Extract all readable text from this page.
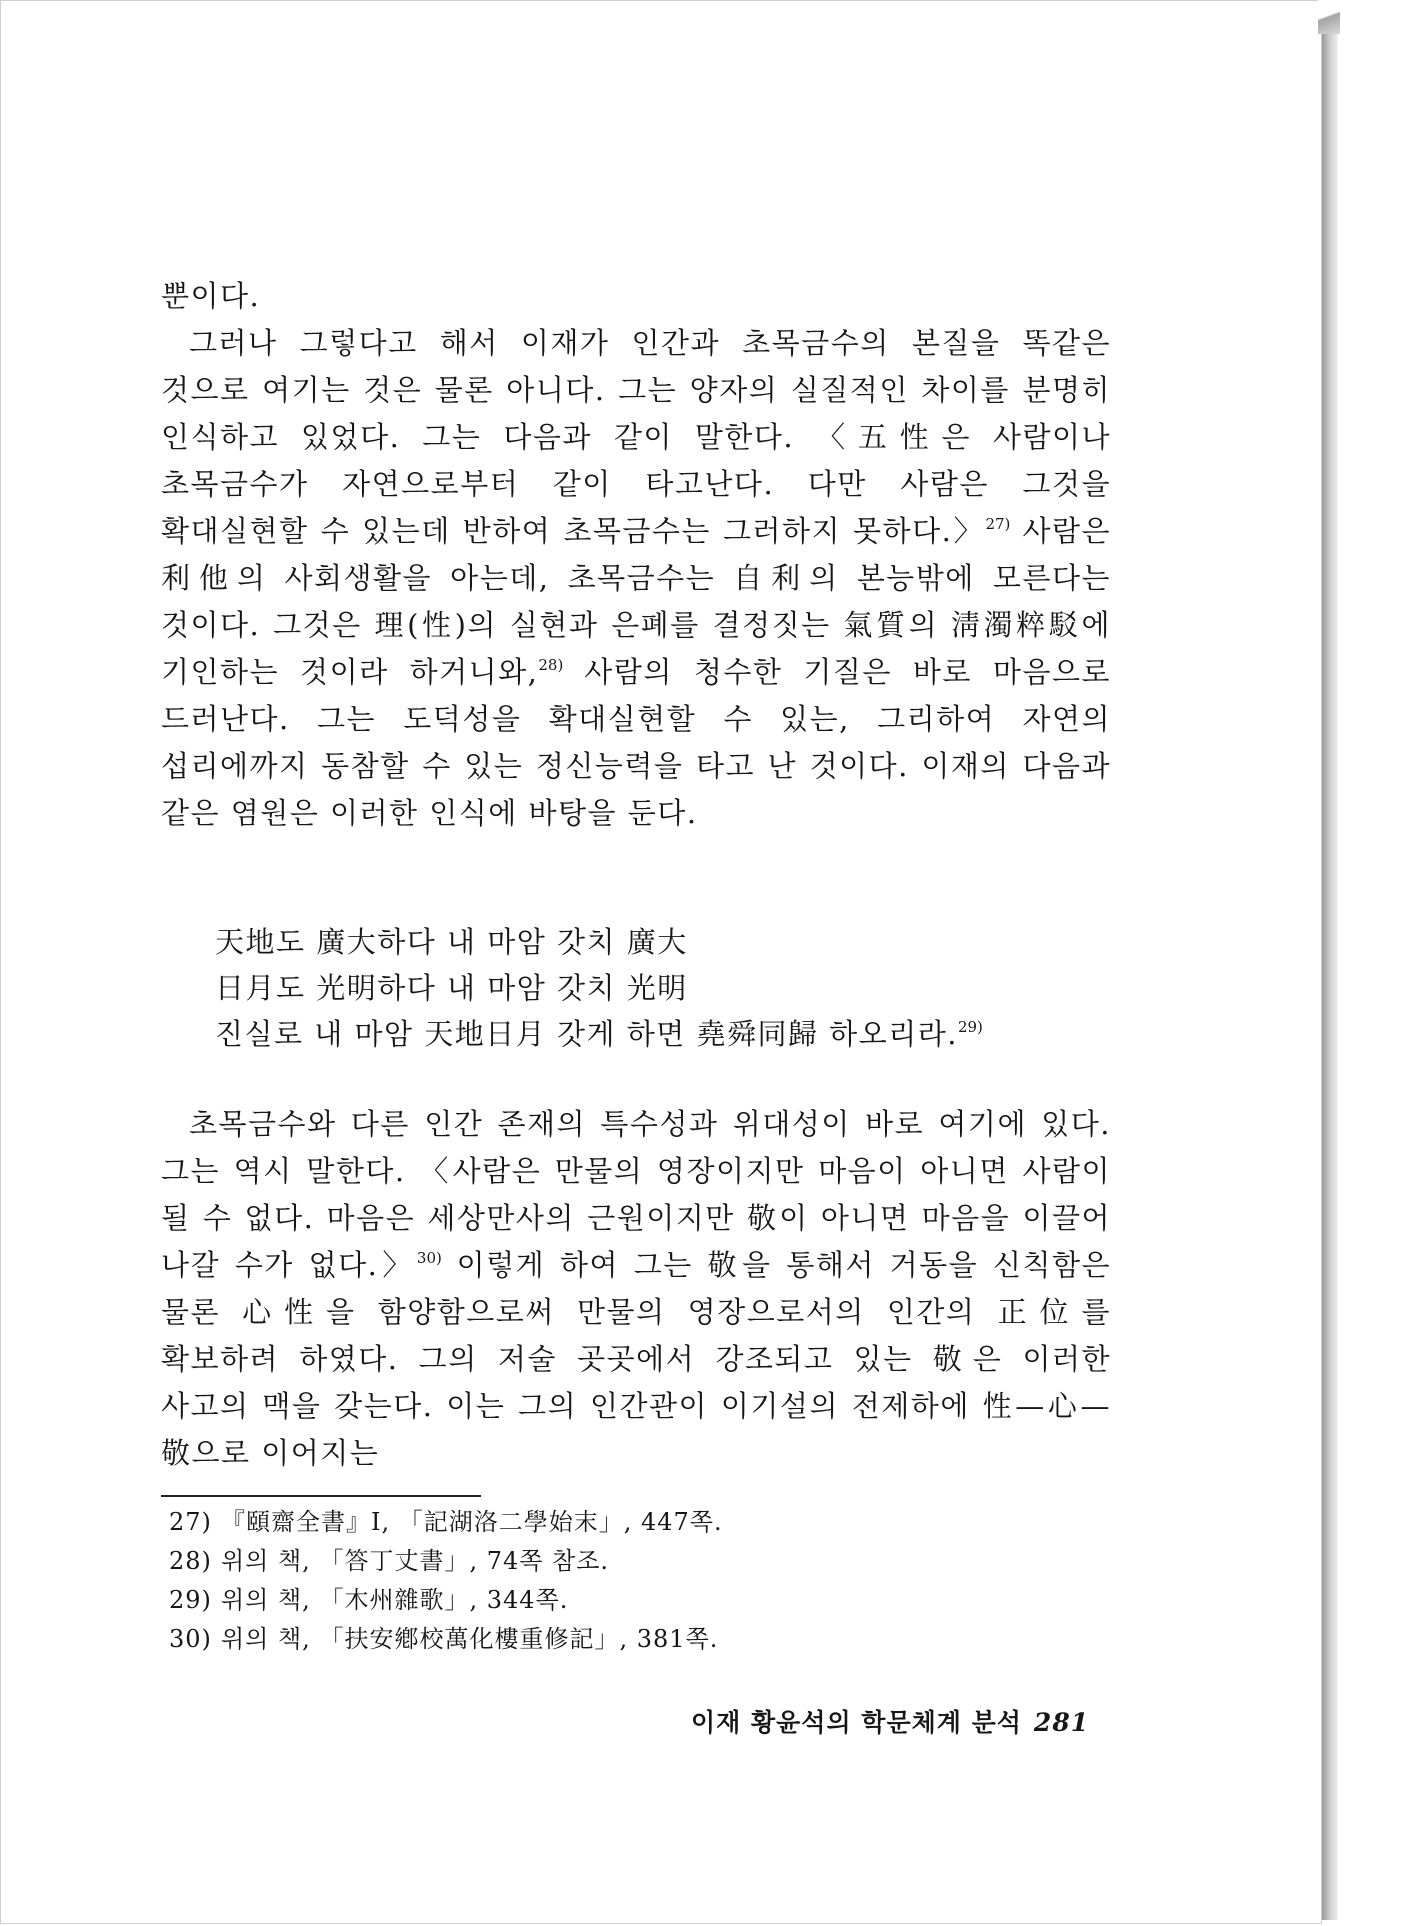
뿐이다.

그러나 그렇다고 해서 이재가 인간과 초목금수의 본질을 똑같은 것으로 여기는 것은 물론 아니다. 그는 양자의 실질적인 차이를 분명히 인식하고 있었다. 그는 다음과 같이 말한다. 〈五性은 사람이나 초목금수가 자연으로부터 같이 타고난다. 다만 사람은 그것을 확대실현할 수 있는데 반하여 초목금수는 그러하지 못하다.〉$^{27)}$ 사람은 利他의 사회생활을 아는데, 초목금수는 自利의 본능밖에 모른다는 것이다. 그것은 理(性)의 실현과 은폐를 결정짓는 氣質의 淸濁粹駁에 기인하는 것이라 하거니와,$^{28)}$ 사람의 청수한 기질은 바로 마음으로 드러난다. 그는 도덕성을 확대실현할 수 있는, 그리하여 자연의 섭리에까지 동참할 수 있는 정신능력을 타고 난 것이다. 이재의 다음과 같은 염원은 이러한 인식에 바탕을 둔다.

天地도 廣大하다 내 마암 갓치 廣大
日月도 光明하다 내 마암 갓치 光明
진실로 내 마암 天地日月 갓게 하면 堯舜同歸 하오리라.$^{29)}$

초목금수와 다른 인간 존재의 특수성과 위대성이 바로 여기에 있다. 그는 역시 말한다. 〈사람은 만물의 영장이지만 마음이 아니면 사람이 될 수 없다. 마음은 세상만사의 근원이지만 敬이 아니면 마음을 이끌어 나갈 수가 없다.〉$^{30)}$ 이렇게 하여 그는 敬을 통해서 거동을 신칙함은 물론 心性을 함양함으로써 만물의 영장으로서의 인간의 正位를 확보하려 하였다. 그의 저술 곳곳에서 강조되고 있는 敬은 이러한 사고의 맥을 갖는다. 이는 그의 인간관이 이기설의 전제하에 性—心—敬으로 이어지는

27) 『頤齋全書』Ⅰ, 「記湖洛二學始末」, 447쪽.
28) 위의 책, 「答丁丈書」, 74쪽 참조.
29) 위의 책, 「木州雜歌」, 344쪽.
30) 위의 책, 「扶安鄕校萬化樓重修記」, 381쪽.
이재 황윤석의 학문체계 분석 281
